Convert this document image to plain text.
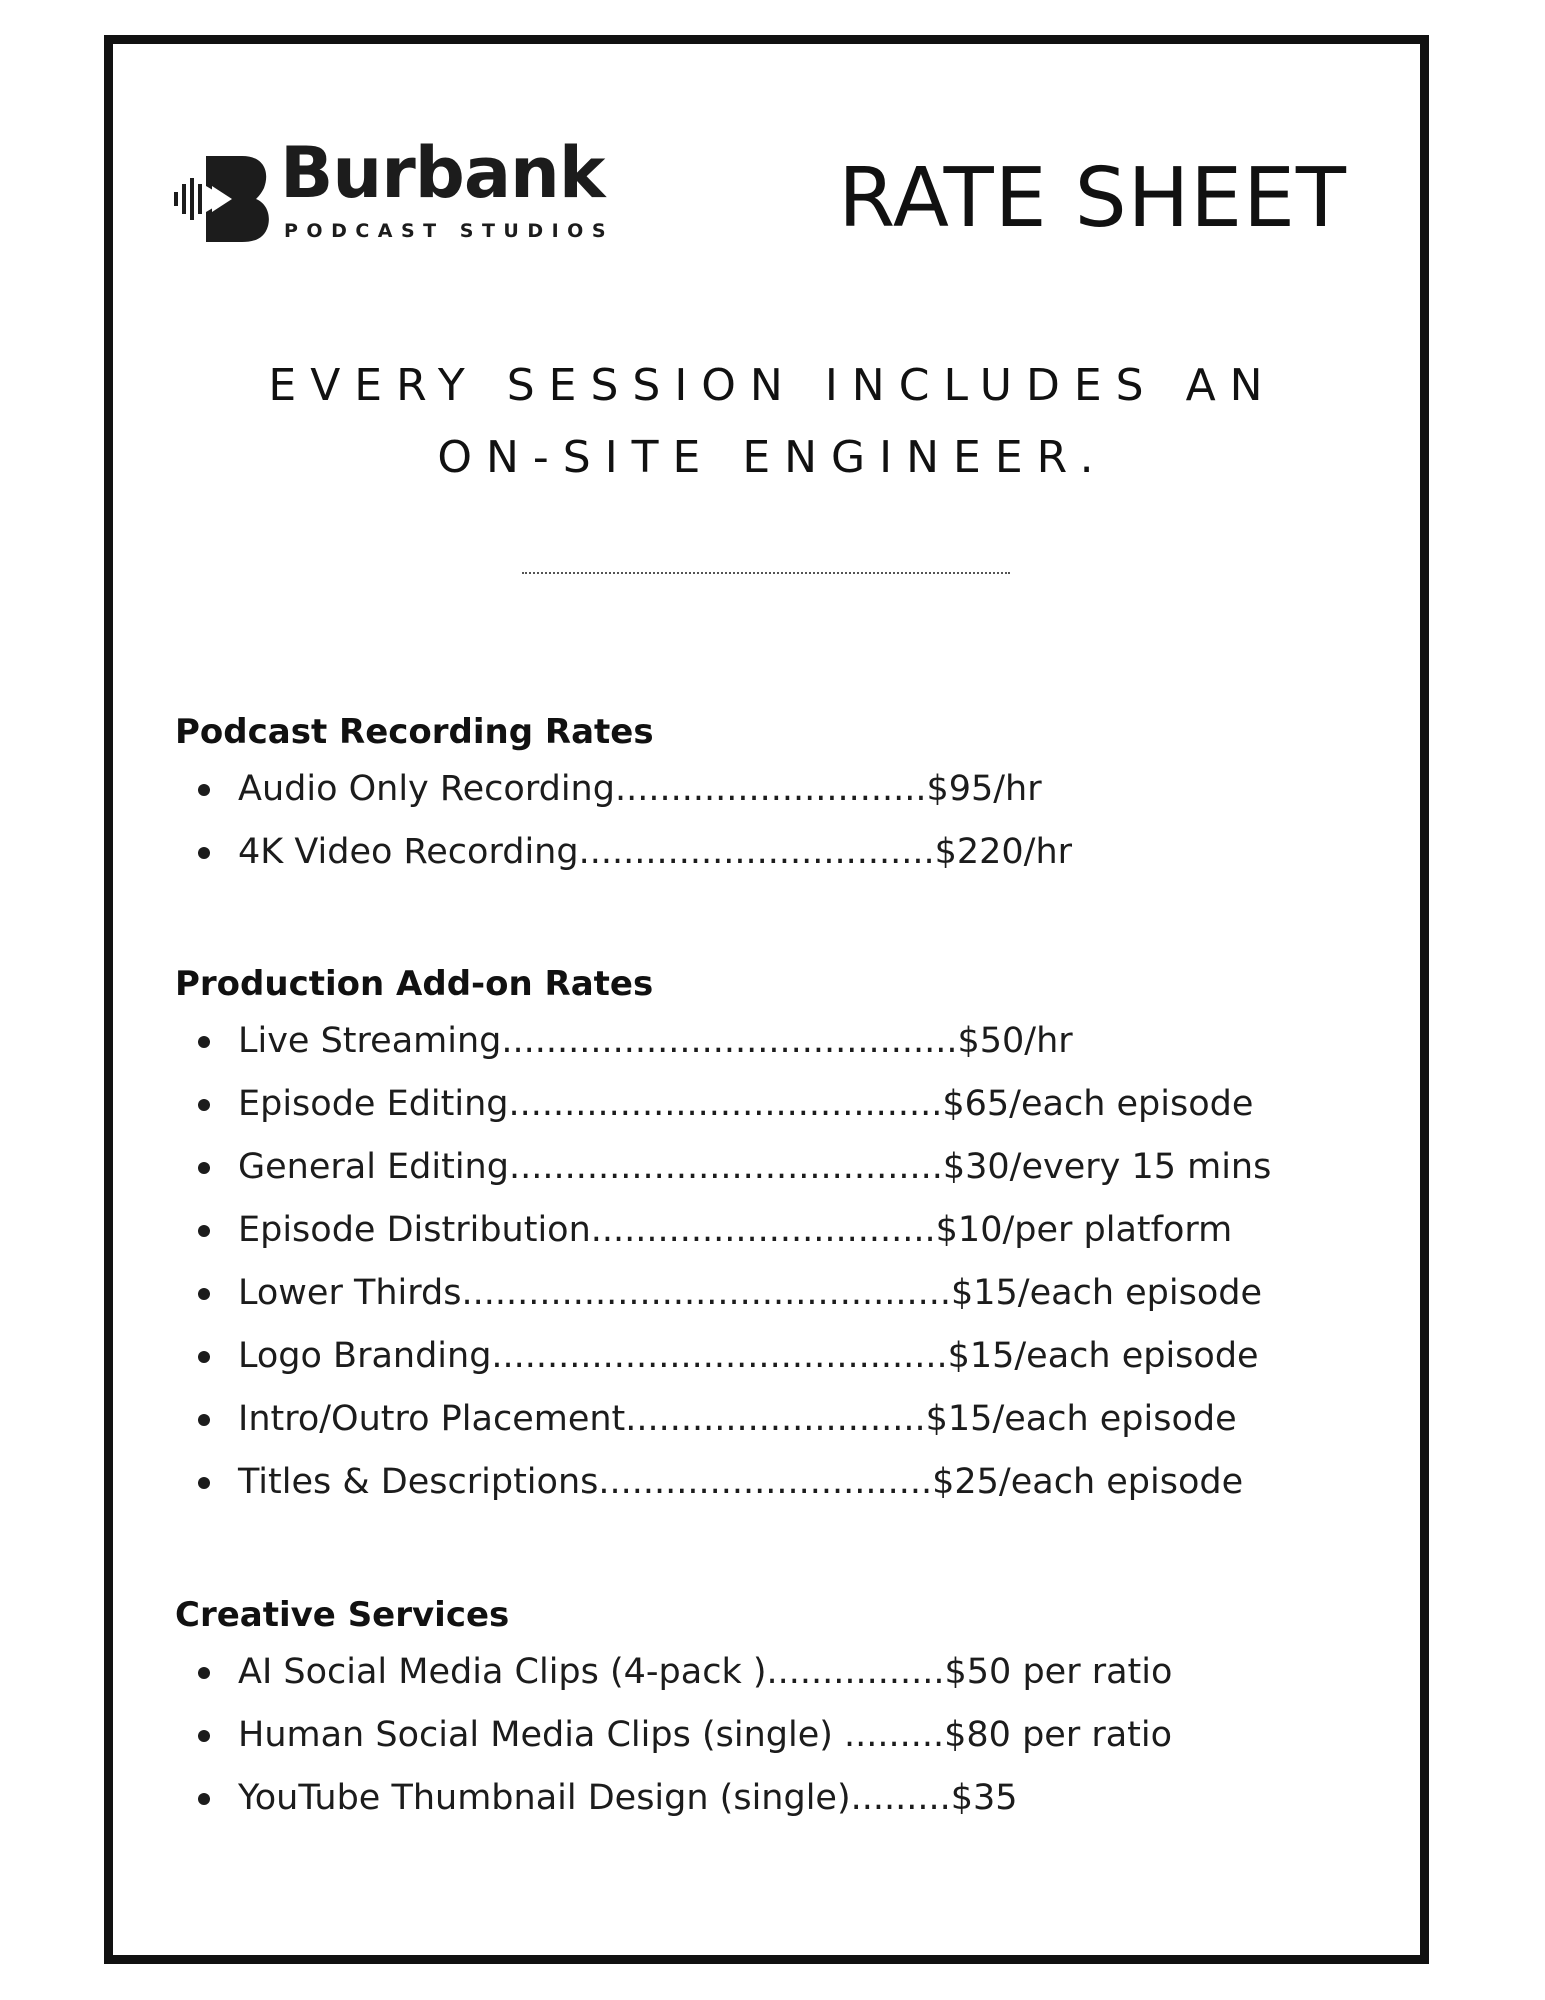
Burbank
PODCAST STUDIOS	RATE SHEET
EVERY SESSION INCLUDES AN
ON-SITE ENGINEER.
Podcast Recording Rates
Audio Only Recording............................$95/hr
4K Video Recording................................$220/hr
Production Add-on Rates
Live Streaming.........................................$50/hr
Episode Editing.......................................$65/each episode
General Editing.......................................$30/every 15 mins
Episode Distribution...............................$10/per platform
Lower Thirds............................................$15/each episode
Logo Branding.........................................$15/each episode
Intro/Outro Placement...........................$15/each episode
Titles & Descriptions..............................$25/each episode
Creative Services
AI Social Media Clips (4-pack )................$50 per ratio
Human Social Media Clips (single) .........$80 per ratio
YouTube Thumbnail Design (single).........$35
